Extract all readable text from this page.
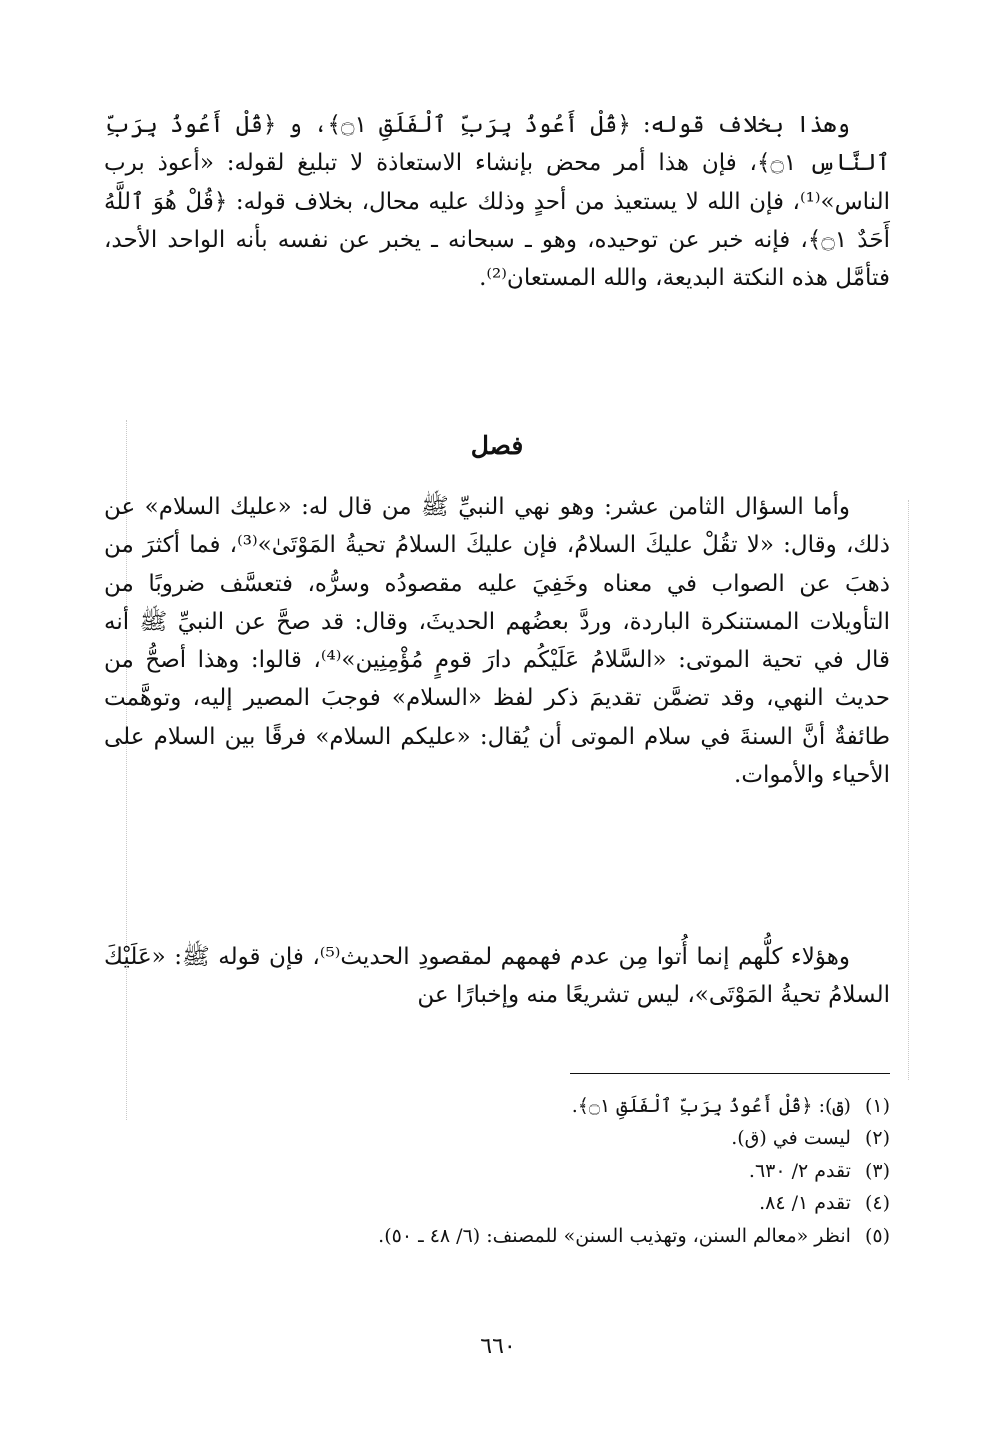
وهذا بخلاف قوله: ﴿قُلْ أَعُوذُ بِرَبِّ ٱلْفَلَقِ ۝١﴾، و ﴿قُلْ أَعُوذُ بِرَبِّ ٱلنَّاسِ ۝١﴾، فإن هذا أمر محض بإنشاء الاستعاذة لا تبليغ لقوله: «أعوذ برب الناس»⁽¹⁾، فإن الله لا يستعيذ من أحدٍ وذلك عليه محال، بخلاف قوله: ﴿قُلْ هُوَ ٱللَّهُ أَحَدٌ ۝١﴾، فإنه خبر عن توحيده، وهو ـ سبحانه ـ يخبر عن نفسه بأنه الواحد الأحد، فتأمَّل هذه النكتة البديعة، والله المستعان⁽²⁾.

فصل

وأما السؤال الثامن عشر: وهو نهي النبيِّ ﷺ من قال له: «عليك السلام» عن ذلك، وقال: «لا تقُلْ عليكَ السلامُ، فإن عليكَ السلامُ تحيةُ المَوْتَىٰ»⁽³⁾، فما أكثرَ من ذهبَ عن الصواب في معناه وخَفِيَ عليه مقصودُه وسرُّه، فتعسَّف ضروبًا من التأويلات المستنكرة الباردة، وردَّ بعضُهم الحديثَ، وقال: قد صحَّ عن النبيِّ ﷺ أنه قال في تحية الموتى: «السَّلامُ عَلَيْكُم دارَ قومٍ مُؤْمِنِين»⁽⁴⁾، قالوا: وهذا أصحُّ من حديث النهي، وقد تضمَّن تقديمَ ذكر لفظ «السلام» فوجبَ المصير إليه، وتوهَّمت طائفةٌ أنَّ السنةَ في سلام الموتى أن يُقال: «عليكم السلام» فرقًا بين السلام على الأحياء والأموات.

وهؤلاء كلُّهم إنما أُتوا مِن عدم فهمهم لمقصودِ الحديث⁽⁵⁾، فإن قوله ﷺ: «عَلَيْكَ السلامُ تحيةُ المَوْتَى»، ليس تشريعًا منه وإخبارًا عن

(١)(ق): ﴿قُلْ أَعُوذُ بِرَبِّ ٱلْفَلَقِ ۝١﴾.
(٢)ليست في (ق).
(٣)تقدم ٢/ ٦٣٠.
(٤)تقدم ١/ ٨٤.
(٥)انظر «معالم السنن، وتهذيب السنن» للمصنف: (٦/ ٤٨ ـ ٥٠).
٦٦٠
